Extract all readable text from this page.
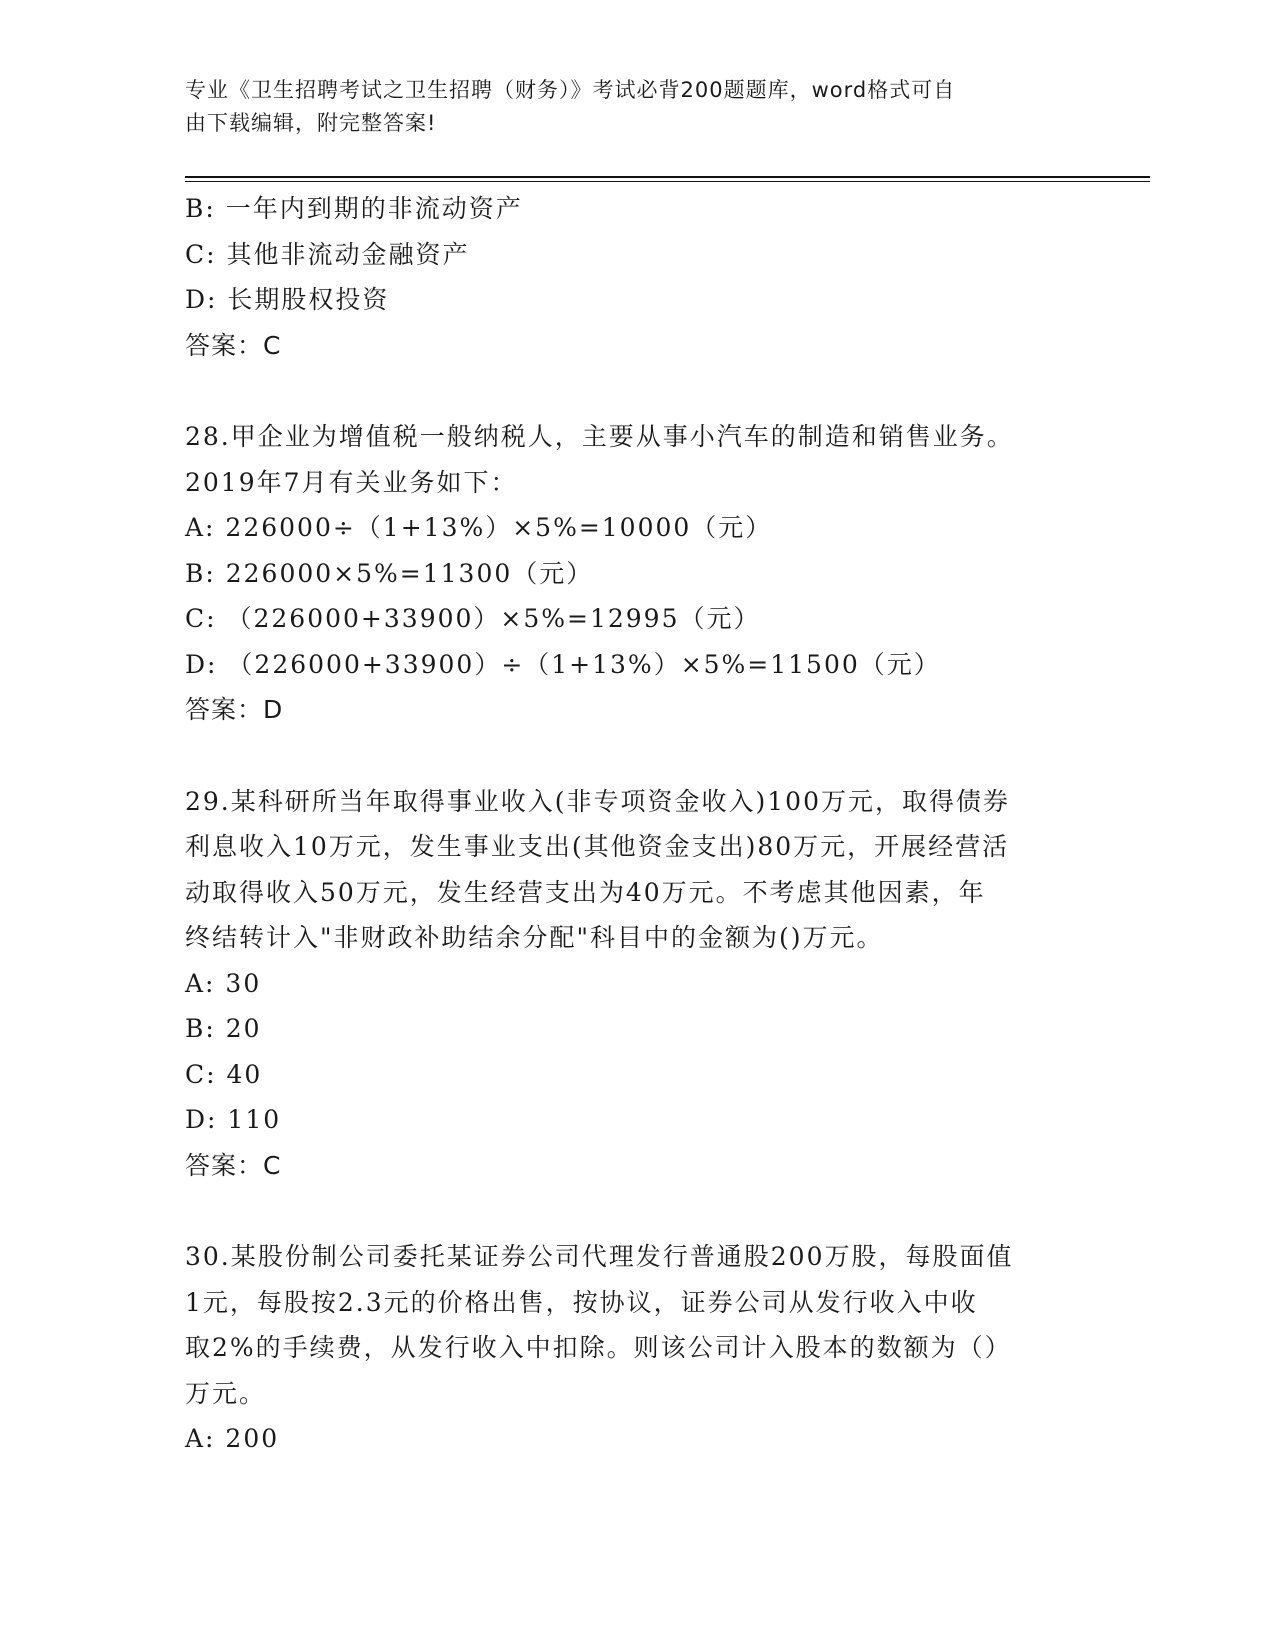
专业《卫生招聘考试之卫生招聘（财务）》考试必背200题题库，word格式可自
由下载编辑，附完整答案!
B: 一年内到期的非流动资产
C: 其他非流动金融资产
D: 长期股权投资
答案：C
28.甲企业为增值税一般纳税人，主要从事小汽车的制造和销售业务。
2019年7月有关业务如下：
A: 226000÷（1+13%）×5%=10000（元）
B: 226000×5%=11300（元）
C: （226000+33900）×5%=12995（元）
D: （226000+33900）÷（1+13%）×5%=11500（元）
答案：D
29.某科研所当年取得事业收入(非专项资金收入)100万元，取得债券
利息收入10万元，发生事业支出(其他资金支出)80万元，开展经营活
动取得收入50万元，发生经营支出为40万元。不考虑其他因素，年
终结转计入"非财政补助结余分配"科目中的金额为()万元。
A: 30
B: 20
C: 40
D: 110
答案：C
30.某股份制公司委托某证券公司代理发行普通股200万股，每股面值
1元，每股按2.3元的价格出售，按协议，证券公司从发行收入中收
取2%的手续费，从发行收入中扣除。则该公司计入股本的数额为（）
万元。
A: 200
